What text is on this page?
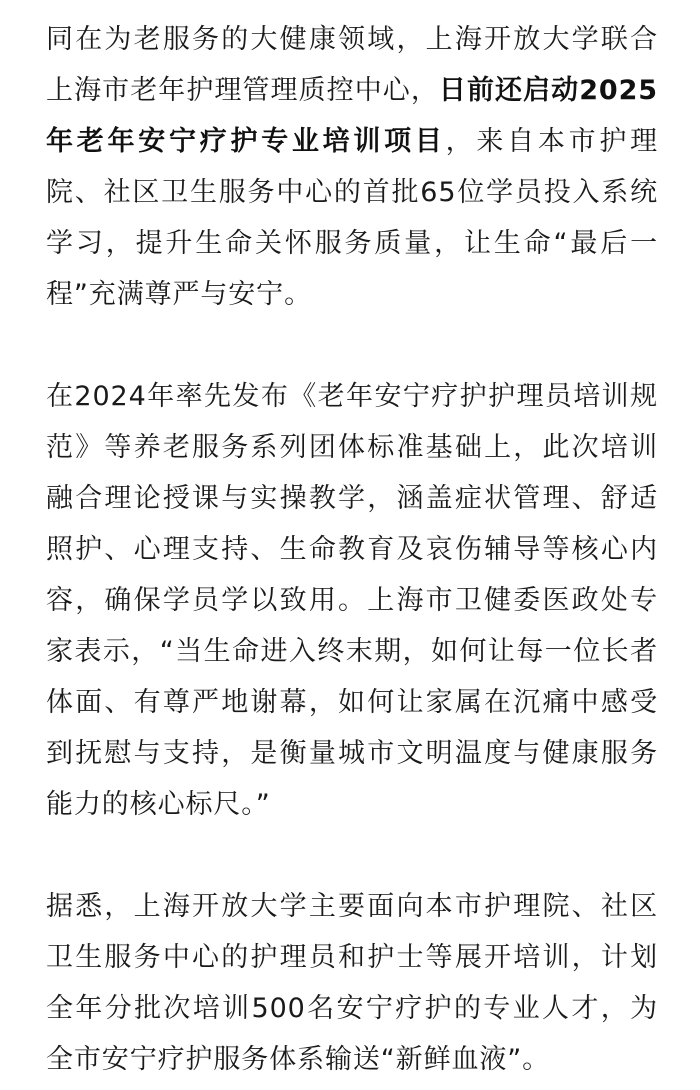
同在为老服务的大健康领域，上海开放大学联合上海市老年护理管理质控中心，日前还启动2025年老年安宁疗护专业培训项目，来自本市护理院、社区卫生服务中心的首批65位学员投入系统学习，提升生命关怀服务质量，让生命“最后一程”充满尊严与安宁。

在2024年率先发布《老年安宁疗护护理员培训规范》等养老服务系列团体标准基础上，此次培训融合理论授课与实操教学，涵盖症状管理、舒适照护、心理支持、生命教育及哀伤辅导等核心内容，确保学员学以致用。上海市卫健委医政处专家表示，“当生命进入终末期，如何让每一位长者体面、有尊严地谢幕，如何让家属在沉痛中感受到抚慰与支持，是衡量城市文明温度与健康服务能力的核心标尺。”

据悉，上海开放大学主要面向本市护理院、社区卫生服务中心的护理员和护士等展开培训，计划全年分批次培训500名安宁疗护的专业人才，为全市安宁疗护服务体系输送“新鲜血液”。
